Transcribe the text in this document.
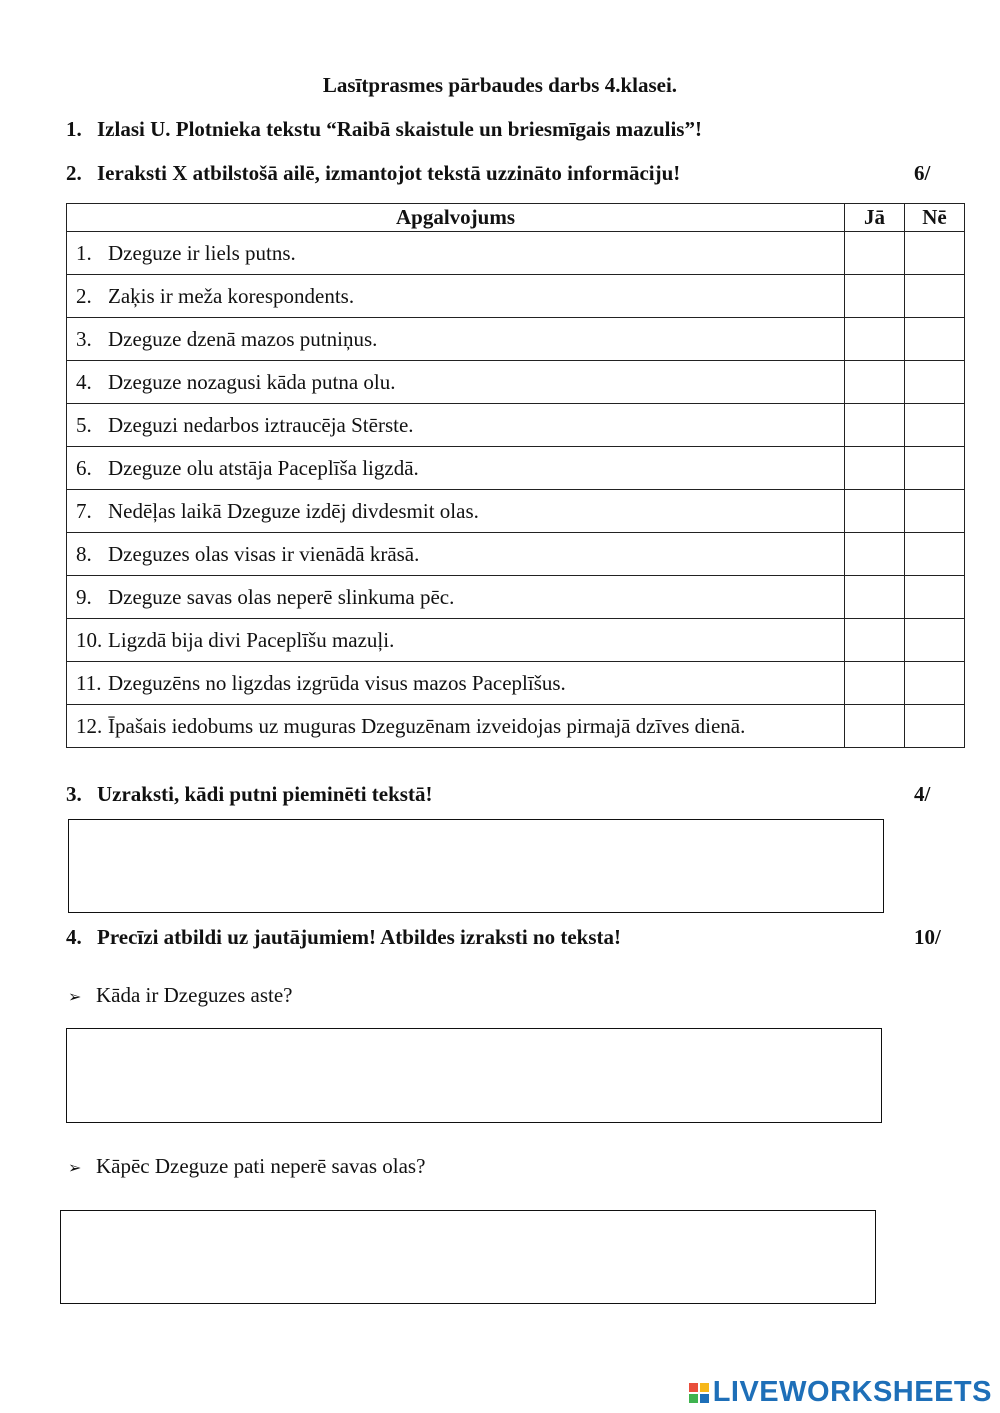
Lasītprasmes pārbaudes darbs 4.klasei.
1. Izlasi U. Plotnieka tekstu “Raibā skaistule un briesmīgais mazulis”!
2. Ieraksti X atbilstošā ailē, izmantojot tekstā uzzināto informāciju!	6/
Apgalvojums	Jā	Nē
1. Dzeguze ir liels putns.		
2. Zaķis ir meža korespondents.		
3. Dzeguze dzenā mazos putniņus.		
4. Dzeguze nozagusi kāda putna olu.		
5. Dzeguzi nedarbos iztraucēja Stērste.		
6. Dzeguze olu atstāja Paceplīša ligzdā.		
7. Nedēļas laikā Dzeguze izdēj divdesmit olas.		
8. Dzeguzes olas visas ir vienādā krāsā.		
9. Dzeguze savas olas neperē slinkuma pēc.		
10. Ligzdā bija divi Paceplīšu mazuļi.		
11. Dzeguzēns no ligzdas izgrūda visus mazos Paceplīšus.		
12. Īpašais iedobums uz muguras Dzeguzēnam izveidojas pirmajā dzīves dienā.		
3. Uzraksti, kādi putni pieminēti tekstā!	4/
4. Precīzi atbildi uz jautājumiem! Atbildes izraksti no teksta!	10/
➢ Kāda ir Dzeguzes aste?
➢ Kāpēc Dzeguze pati neperē savas olas?
LIVEWORKSHEETS
